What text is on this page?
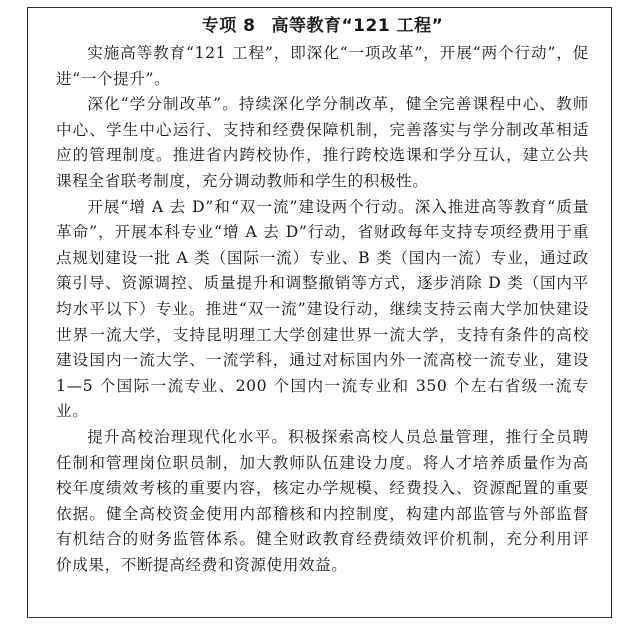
专项 8 高等教育“121 工程”

实施高等教育“121 工程”，即深化“一项改革”，开展“两个行动”，促进“一个提升”。

深化“学分制改革”。持续深化学分制改革，健全完善课程中心、教师中心、学生中心运行、支持和经费保障机制，完善落实与学分制改革相适应的管理制度。推进省内跨校协作，推行跨校选课和学分互认，建立公共课程全省联考制度，充分调动教师和学生的积极性。

开展“增 A 去 D”和“双一流”建设两个行动。深入推进高等教育“质量革命”，开展本科专业“增 A 去 D”行动，省财政每年支持专项经费用于重点规划建设一批 A 类（国际一流）专业、B 类（国内一流）专业，通过政策引导、资源调控、质量提升和调整撤销等方式，逐步消除 D 类（国内平均水平以下）专业。推进“双一流”建设行动，继续支持云南大学加快建设世界一流大学，支持昆明理工大学创建世界一流大学，支持有条件的高校建设国内一流大学、一流学科，通过对标国内外一流高校一流专业，建设 1—5 个国际一流专业、200 个国内一流专业和 350 个左右省级一流专业。

提升高校治理现代化水平。积极探索高校人员总量管理，推行全员聘任制和管理岗位职员制，加大教师队伍建设力度。将人才培养质量作为高校年度绩效考核的重要内容，核定办学规模、经费投入、资源配置的重要依据。健全高校资金使用内部稽核和内控制度，构建内部监管与外部监督有机结合的财务监管体系。健全财政教育经费绩效评价机制，充分利用评价成果，不断提高经费和资源使用效益。
